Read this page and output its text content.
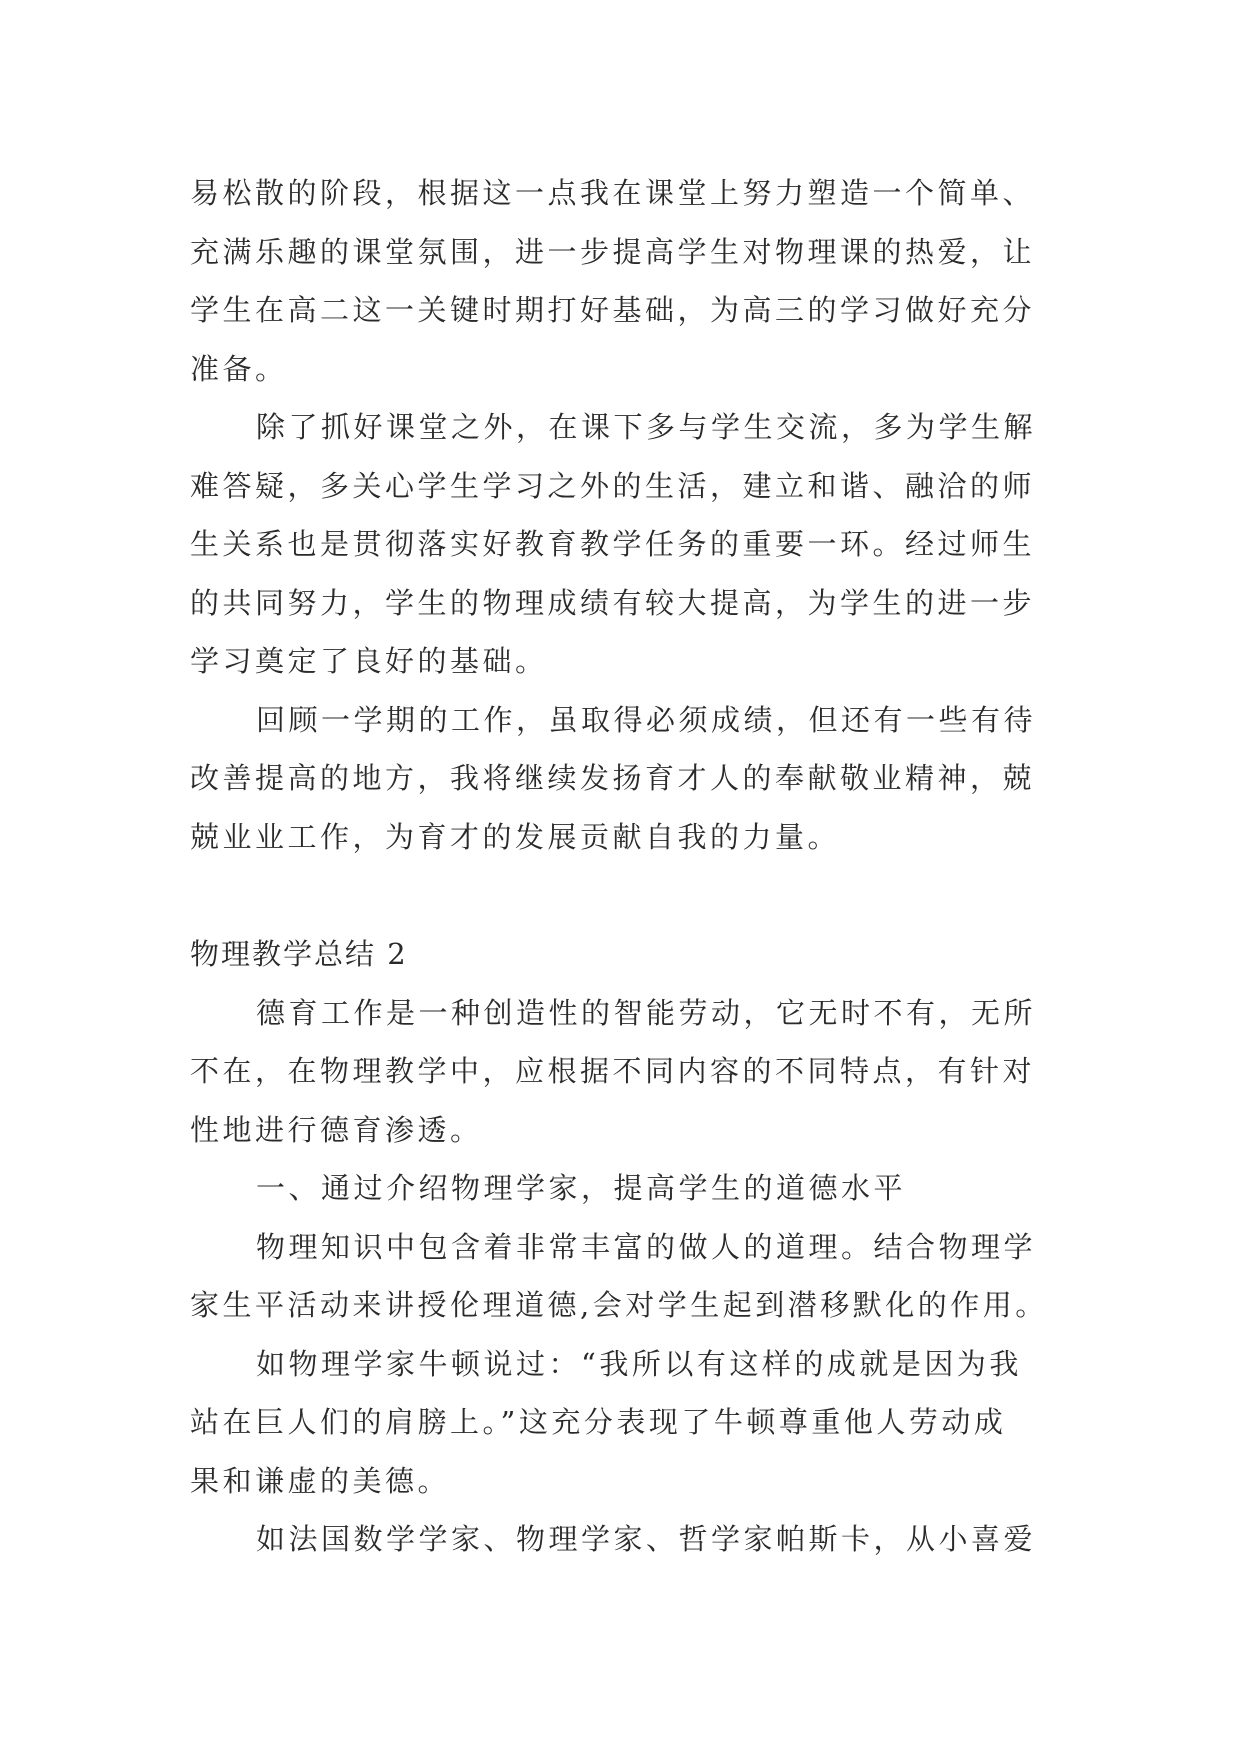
易松散的阶段，根据这一点我在课堂上努力塑造一个简单、
充满乐趣的课堂氛围，进一步提高学生对物理课的热爱，让
学生在高二这一关键时期打好基础，为高三的学习做好充分
准备。
除了抓好课堂之外，在课下多与学生交流，多为学生解
难答疑，多关心学生学习之外的生活，建立和谐、融洽的师
生关系也是贯彻落实好教育教学任务的重要一环。经过师生
的共同努力，学生的物理成绩有较大提高，为学生的进一步
学习奠定了良好的基础。
回顾一学期的工作，虽取得必须成绩，但还有一些有待
改善提高的地方，我将继续发扬育才人的奉献敬业精神，兢
兢业业工作，为育才的发展贡献自我的力量。
物理教学总结 2
德育工作是一种创造性的智能劳动，它无时不有，无所
不在，在物理教学中，应根据不同内容的不同特点，有针对
性地进行德育渗透。
一、通过介绍物理学家，提高学生的道德水平
物理知识中包含着非常丰富的做人的道理。结合物理学
家生平活动来讲授伦理道德,会对学生起到潜移默化的作用。
如物理学家牛顿说过：“我所以有这样的成就是因为我
站在巨人们的肩膀上。”这充分表现了牛顿尊重他人劳动成
果和谦虚的美德。
如法国数学学家、物理学家、哲学家帕斯卡，从小喜爱
